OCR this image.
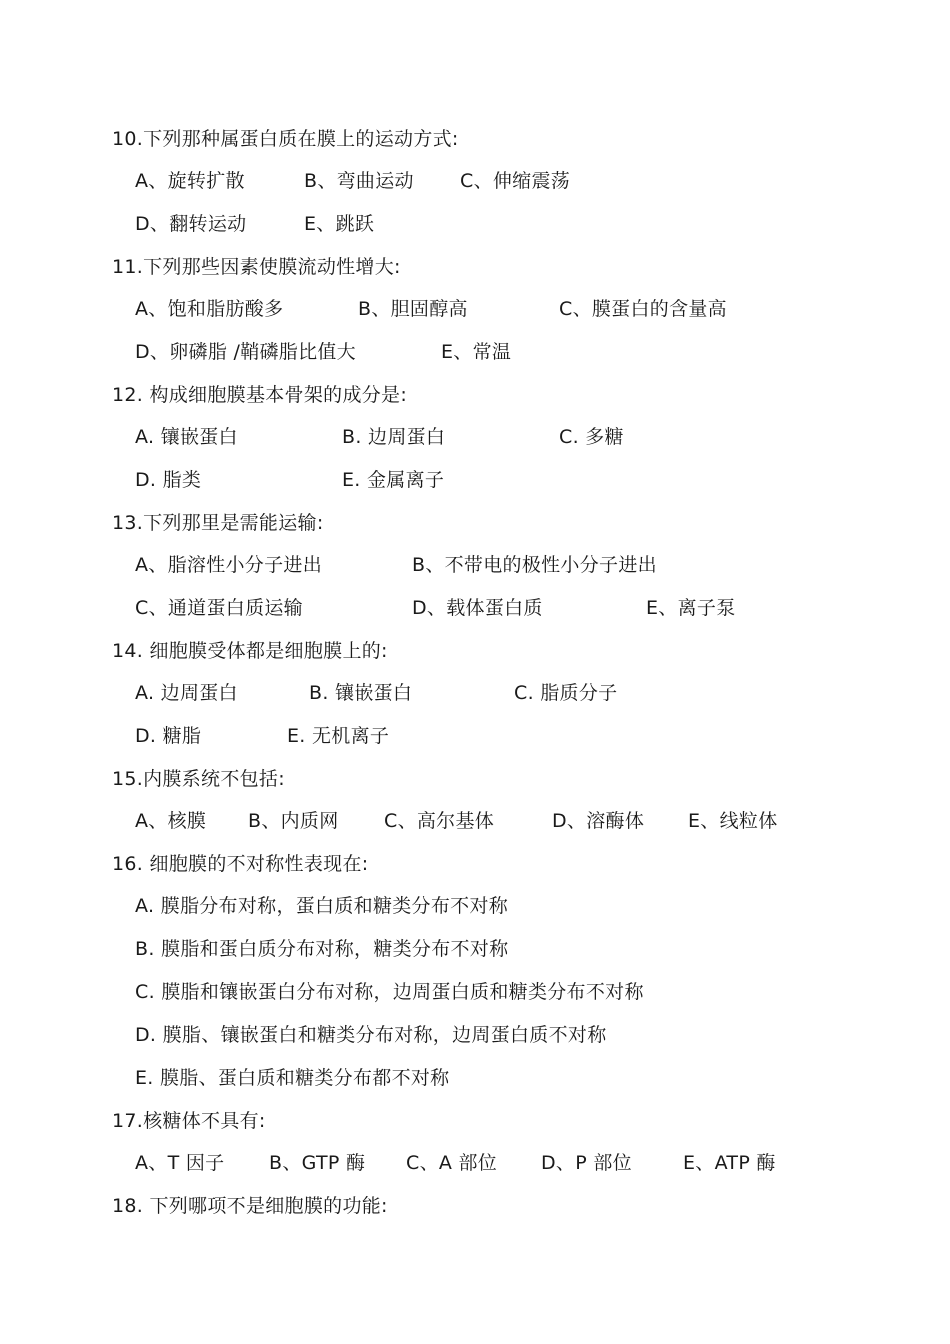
10.下列那种属蛋白质在膜上的运动方式:
A、旋转扩散	B、弯曲运动 C、伸缩震荡
D、翻转运动	E、跳跃
11.下列那些因素使膜流动性增大:
A、饱和脂肪酸多	B、胆固醇高	C、膜蛋白的含量高
D、卵磷脂 /鞘磷脂比值大	E、常温
12. 构成细胞膜基本骨架的成分是:
A. 镶嵌蛋白	B. 边周蛋白	C. 多糖
D. 脂类	E. 金属离子
13.下列那里是需能运输:
A、脂溶性小分子进出	B、不带电的极性小分子进出
C、通道蛋白质运输	D、载体蛋白质	E、离子泵
14. 细胞膜受体都是细胞膜上的:
A. 边周蛋白	B. 镶嵌蛋白	C. 脂质分子
D. 糖脂	E. 无机离子
15.内膜系统不包括:
A、核膜 B、内质网 C、高尔基体	D、溶酶体 E、线粒体
16. 细胞膜的不对称性表现在:
A. 膜脂分布对称，蛋白质和糖类分布不对称
B. 膜脂和蛋白质分布对称，糖类分布不对称
C. 膜脂和镶嵌蛋白分布对称，边周蛋白质和糖类分布不对称
D. 膜脂、镶嵌蛋白和糖类分布对称，边周蛋白质不对称
E. 膜脂、蛋白质和糖类分布都不对称
17.核糖体不具有:
A、T 因子 B、GTP 酶 C、A 部位 D、P 部位	E、ATP 酶
18. 下列哪项不是细胞膜的功能:
